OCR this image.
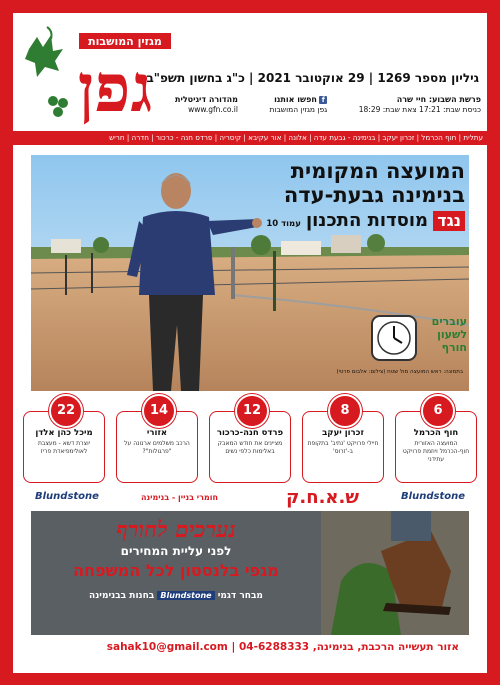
מגזין המושבות
גפן
גיליון מספר 1269 | 29 אוקטובר 2021 | כ"ג בחשון תשפ"ב
פרשת השבוע: חיי שרה
כניסת שבת: 17:21 צאת שבת: 18:29
f חפשו אותנו
גפן מגזין המושבות
מהדורה דיגיטלית
www.gfn.co.il
עתלית | חוף הכרמל | זכרון יעקב | בנימינה - גבעת עדה | אלונה | אור עקיבא | קיסריה | פרדס חנה - כרכור | חדרה | חריש
המועצה המקומית
בנימינה גבעת-עדה
נגד מוסדות התכנון עמוד 10
עוברים
לשעון
חורף
בתמונה: ראש המועצה מול שטח (צילום: אלבום פרטי)
22
מיכל כהן אלדן
יוצרת דשא - מעצבת לאולימפיאדת פריז
14
אזורי
הרכב משלמים ארנונה על "פרגולות"?
12
פרדס חנה-כרכור
מציינים את חודש המאבק באלימות כלפי נשים
8
זכרון יעקב
חיילי פרויקט 'נתיב' בתקופת ב-'זרוס'
6
חוף הכרמל
המועצה האזורית חוף-הכרמל ויוזמת פרויקט עתידני
Blundstone	ש.א.ח.ק
חומרי בניין - בנימינה	Blundstone
נערכים לחורף
לפני עליית המחירים
מגפי בלנסטון לכל המשפחה
מבחר דגמי Blundstone בחנות בבנימינה
אזור תעשייה הרכבת, בנימינה, 04-6288333 | sahak10@gmail.com
